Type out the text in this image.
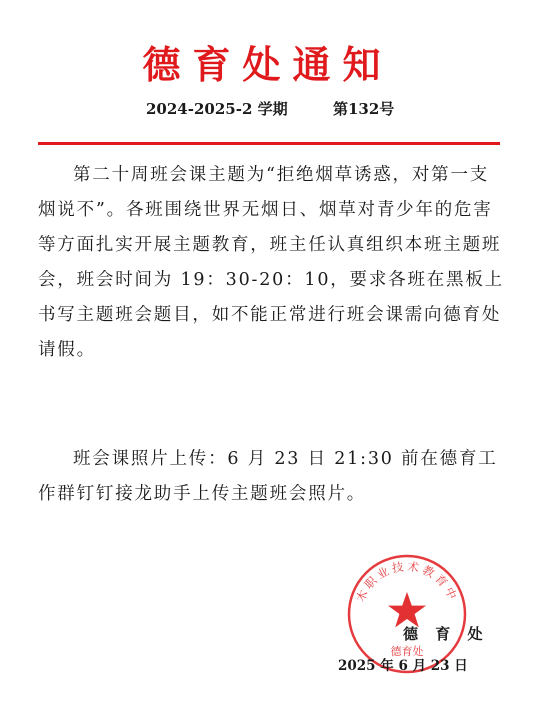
德育处通知
2024-2025-2 学期	第132号

第二十周班会课主题为“拒绝烟草诱惑，对第一支烟说不”。各班围绕世界无烟日、烟草对青少年的危害等方面扎实开展主题教育，班主任认真组织本班主题班会，班会时间为 19：30-20：10，要求各班在黑板上书写主题班会题目，如不能正常进行班会课需向德育处请假。

班会课照片上传：6 月 23 日 21:30 前在德育工作群钉钉接龙助手上传主题班会照片。

木职业技术教育中
德育处
德 育 处
2025 年 6 月 23 日
